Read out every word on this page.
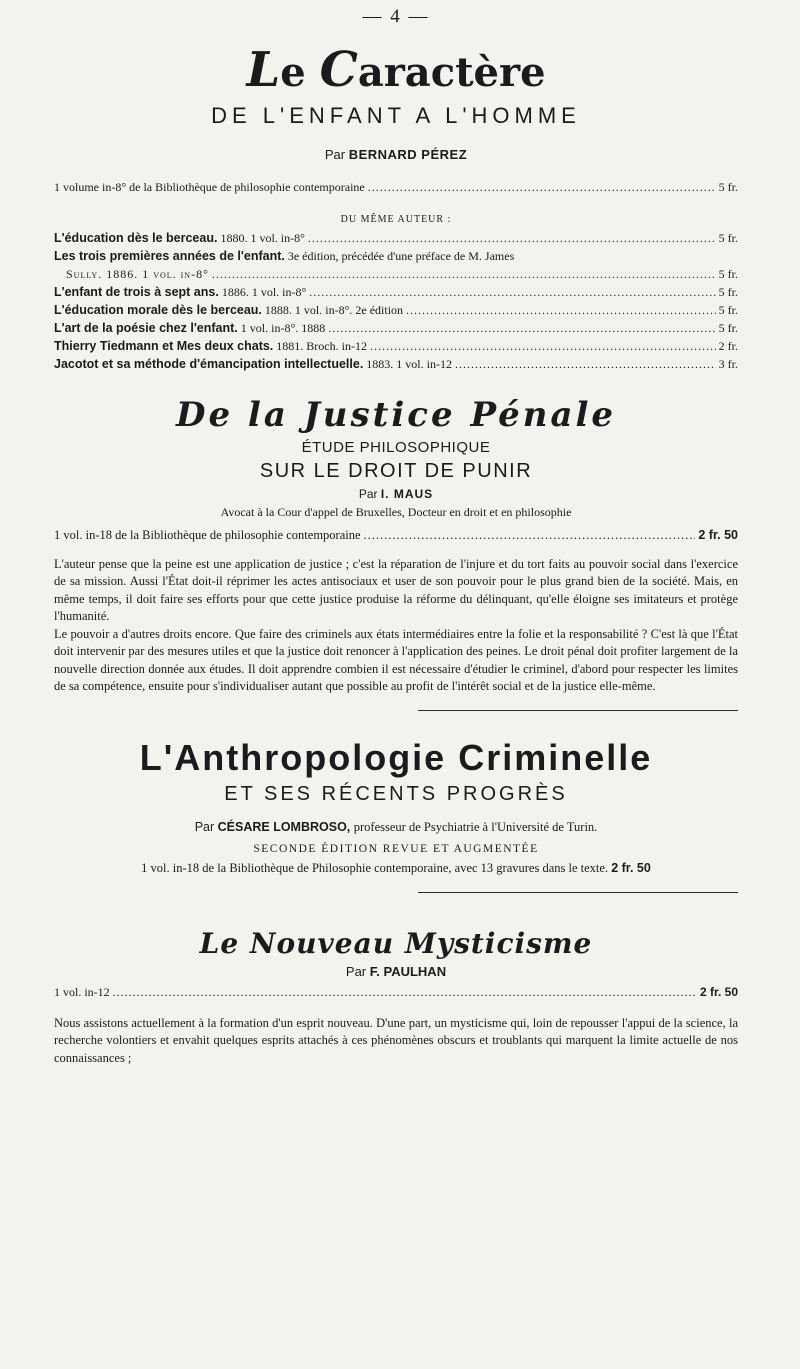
— 4 —
Le Caractère
DE L'ENFANT A L'HOMME
Par BERNARD PÉREZ
1 volume in-8° de la Bibliothèque de philosophie contemporaine .....	5 fr.
DU MÊME AUTEUR :
L'éducation dès le berceau. 1880. 1 vol. in-8° .....	5 fr.
Les trois premières années de l'enfant. 3e édition, précédée d'une préface de M. James
Sully. 1886. 1 vol. in-8° .....	5 fr.
L'enfant de trois à sept ans. 1886. 1 vol. in-8° .....	5 fr.
L'éducation morale dès le berceau. 1888. 1 vol. in-8°. 2e édition .....	5 fr.
L'art de la poésie chez l'enfant. 1 vol. in-8°. 1888 .....	5 fr.
Thierry Tiedmann et Mes deux chats. 1881. Broch. in-12 .....	2 fr.
Jacotot et sa méthode d'émancipation intellectuelle. 1883. 1 vol. in-12 .....	3 fr.
De la Justice Pénale
ÉTUDE PHILOSOPHIQUE
SUR LE DROIT DE PUNIR
Par I. MAUS
Avocat à la Cour d'appel de Bruxelles, Docteur en droit et en philosophie
1 vol. in-18 de la Bibliothèque de philosophie contemporaine .....	2 fr. 50

L'auteur pense que la peine est une application de justice ; c'est la réparation de l'injure et du tort faits au pouvoir social dans l'exercice de sa mission. Aussi l'État doit-il réprimer les actes antisociaux et user de son pouvoir pour le plus grand bien de la société. Mais, en même temps, il doit faire ses efforts pour que cette justice produise la réforme du délinquant, qu'elle éloigne ses imitateurs et protège l'humanité.

Le pouvoir a d'autres droits encore. Que faire des criminels aux états intermédiaires entre la folie et la responsabilité ? C'est là que l'État doit intervenir par des mesures utiles et que la justice doit renoncer à l'application des peines. Le droit pénal doit profiter largement de la nouvelle direction donnée aux études. Il doit apprendre combien il est nécessaire d'étudier le criminel, d'abord pour respecter les limites de sa compétence, ensuite pour s'individualiser autant que possible au profit de l'intérêt social et de la justice elle-même.

L'Anthropologie Criminelle
ET SES RÉCENTS PROGRÈS
Par CÉSARE LOMBROSO, professeur de Psychiatrie à l'Université de Turin.
SECONDE ÉDITION REVUE ET AUGMENTÉE
1 vol. in-18 de la Bibliothèque de Philosophie contemporaine, avec 13 gravures dans le texte. 2 fr. 50
Le Nouveau Mysticisme
Par F. PAULHAN
1 vol. in-12 .....	2 fr. 50

Nous assistons actuellement à la formation d'un esprit nouveau. D'une part, un mysticisme qui, loin de repousser l'appui de la science, la recherche volontiers et envahit quelques esprits attachés à ces phénomènes obscurs et troublants qui marquent la limite actuelle de nos connaissances ;
